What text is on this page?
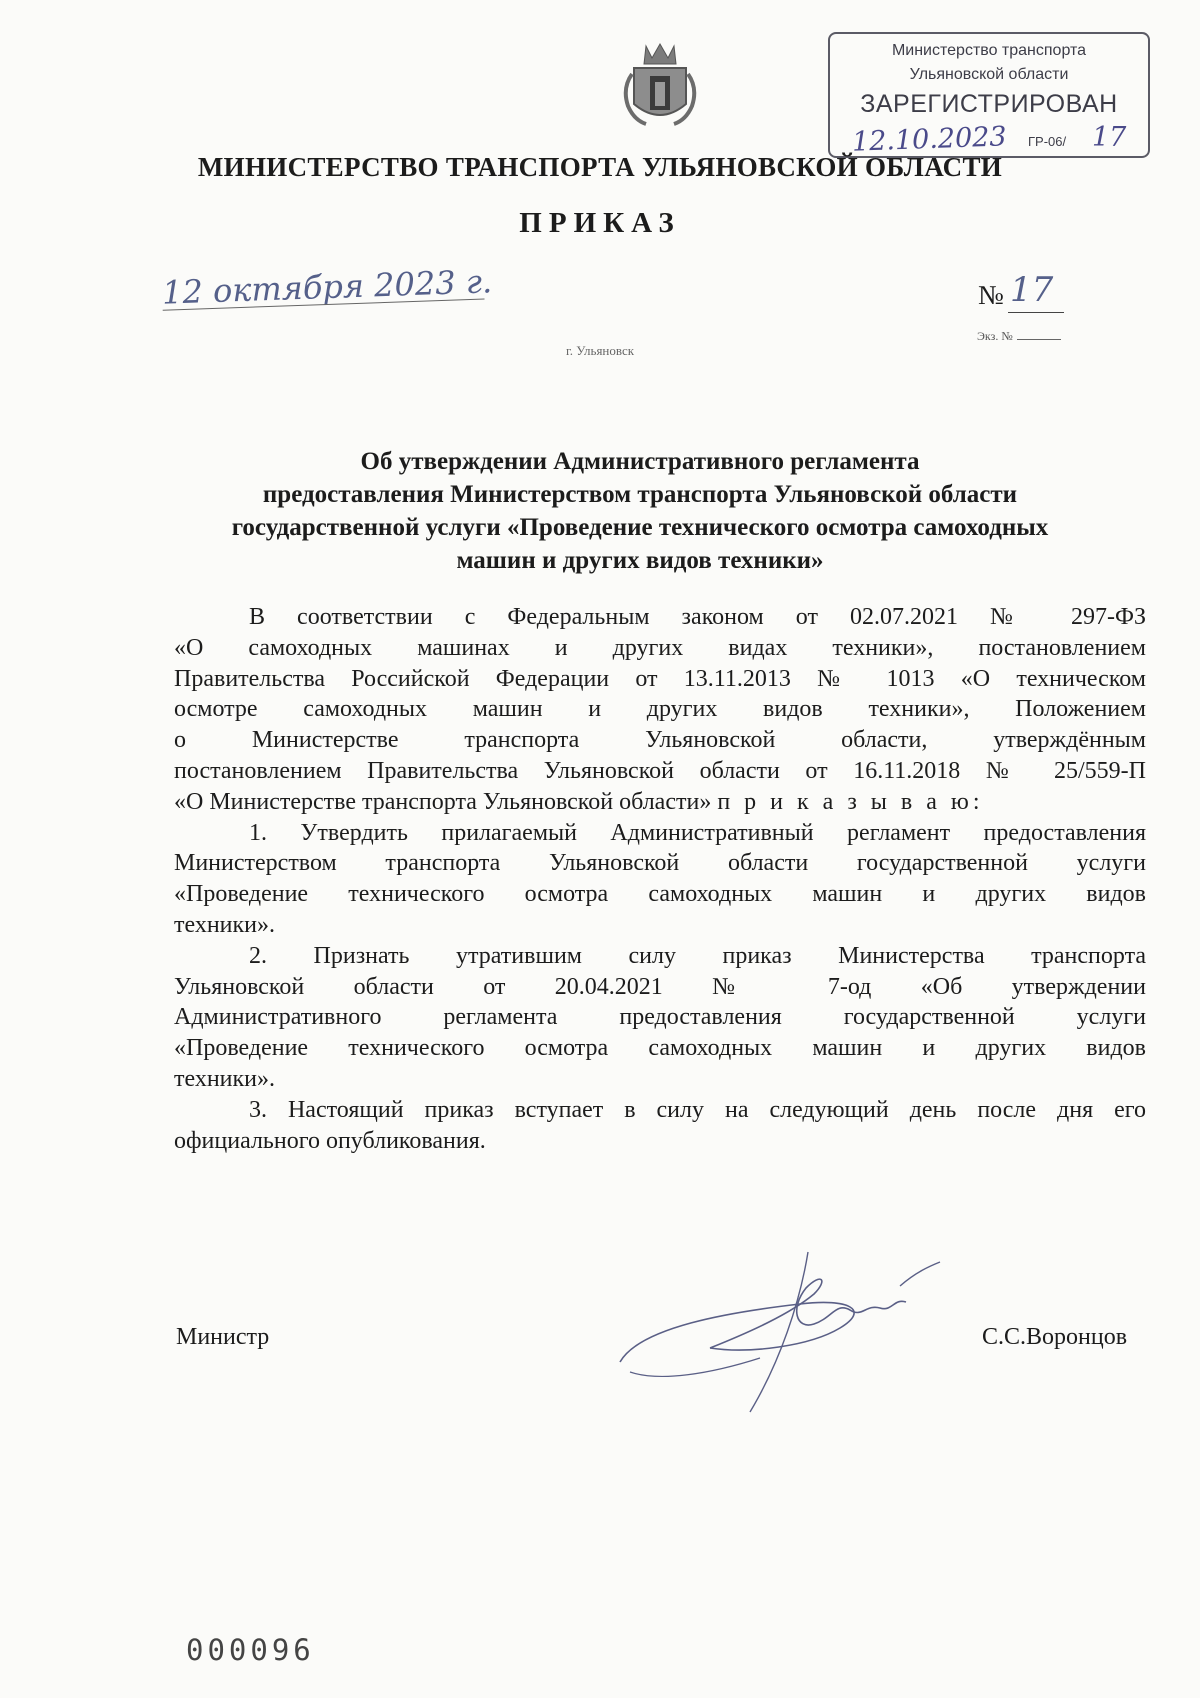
Министерство транспорта
Ульяновской области
ЗАРЕГИСТРИРОВАН
12.10.2023 ГР-06/ 17
МИНИСТЕРСТВО ТРАНСПОРТА УЛЬЯНОВСКОЙ ОБЛАСТИ
ПРИКАЗ
12 октября 2023 г.	№ 17
Экз. №
г. Ульяновск
Об утверждении Административного регламента
предоставления Министерством транспорта Ульяновской области
государственной услуги «Проведение технического осмотра самоходных
машин и других видов техники»
В соответствии с Федеральным законом от 02.07.2021 № 297-ФЗ
«О самоходных машинах и других видах техники», постановлением
Правительства Российской Федерации от 13.11.2013 № 1013 «О техническом
осмотре самоходных машин и других видов техники», Положением
о Министерстве транспорта Ульяновской области, утверждённым
постановлением Правительства Ульяновской области от 16.11.2018 № 25/559-П
«О Министерстве транспорта Ульяновской области» п р и к а з ы в а ю:
1. Утвердить прилагаемый Административный регламент предоставления
Министерством транспорта Ульяновской области государственной услуги
«Проведение технического осмотра самоходных машин и других видов
техники».
2. Признать утратившим силу приказ Министерства транспорта
Ульяновской области от 20.04.2021 № 7-од «Об утверждении
Административного регламента предоставления государственной услуги
«Проведение технического осмотра самоходных машин и других видов
техники».
3. Настоящий приказ вступает в силу на следующий день после дня его
официального опубликования.
Министр	С.С.Воронцов
000096
